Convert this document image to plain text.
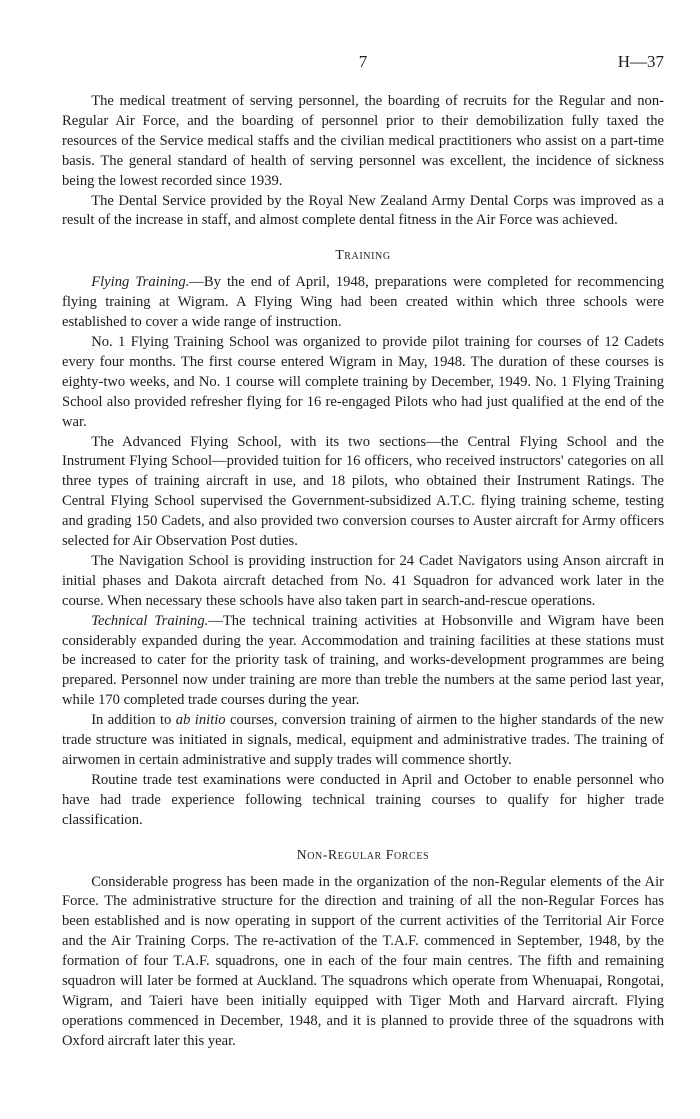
7	H—37

The medical treatment of serving personnel, the boarding of recruits for the Regular and non-Regular Air Force, and the boarding of personnel prior to their demobilization fully taxed the resources of the Service medical staffs and the civilian medical practitioners who assist on a part-time basis. The general standard of health of serving personnel was excellent, the incidence of sickness being the lowest recorded since 1939.

The Dental Service provided by the Royal New Zealand Army Dental Corps was improved as a result of the increase in staff, and almost complete dental fitness in the Air Force was achieved.

Training

Flying Training.—By the end of April, 1948, preparations were completed for recommencing flying training at Wigram. A Flying Wing had been created within which three schools were established to cover a wide range of instruction.

No. 1 Flying Training School was organized to provide pilot training for courses of 12 Cadets every four months. The first course entered Wigram in May, 1948. The duration of these courses is eighty-two weeks, and No. 1 course will complete training by December, 1949. No. 1 Flying Training School also provided refresher flying for 16 re-engaged Pilots who had just qualified at the end of the war.

The Advanced Flying School, with its two sections—the Central Flying School and the Instrument Flying School—provided tuition for 16 officers, who received instructors' categories on all three types of training aircraft in use, and 18 pilots, who obtained their Instrument Ratings. The Central Flying School supervised the Government-subsidized A.T.C. flying training scheme, testing and grading 150 Cadets, and also provided two conversion courses to Auster aircraft for Army officers selected for Air Observation Post duties.

The Navigation School is providing instruction for 24 Cadet Navigators using Anson aircraft in initial phases and Dakota aircraft detached from No. 41 Squadron for advanced work later in the course. When necessary these schools have also taken part in search-and-rescue operations.

Technical Training.—The technical training activities at Hobsonville and Wigram have been considerably expanded during the year. Accommodation and training facilities at these stations must be increased to cater for the priority task of training, and works-development programmes are being prepared. Personnel now under training are more than treble the numbers at the same period last year, while 170 completed trade courses during the year.

In addition to ab initio courses, conversion training of airmen to the higher standards of the new trade structure was initiated in signals, medical, equipment and administrative trades. The training of airwomen in certain administrative and supply trades will commence shortly.

Routine trade test examinations were conducted in April and October to enable personnel who have had trade experience following technical training courses to qualify for higher trade classification.

Non-Regular Forces

Considerable progress has been made in the organization of the non-Regular elements of the Air Force. The administrative structure for the direction and training of all the non-Regular Forces has been established and is now operating in support of the current activities of the Territorial Air Force and the Air Training Corps. The re-activation of the T.A.F. commenced in September, 1948, by the formation of four T.A.F. squadrons, one in each of the four main centres. The fifth and remaining squadron will later be formed at Auckland. The squadrons which operate from Whenuapai, Rongotai, Wigram, and Taieri have been initially equipped with Tiger Moth and Harvard aircraft. Flying operations commenced in December, 1948, and it is planned to provide three of the squadrons with Oxford aircraft later this year.
